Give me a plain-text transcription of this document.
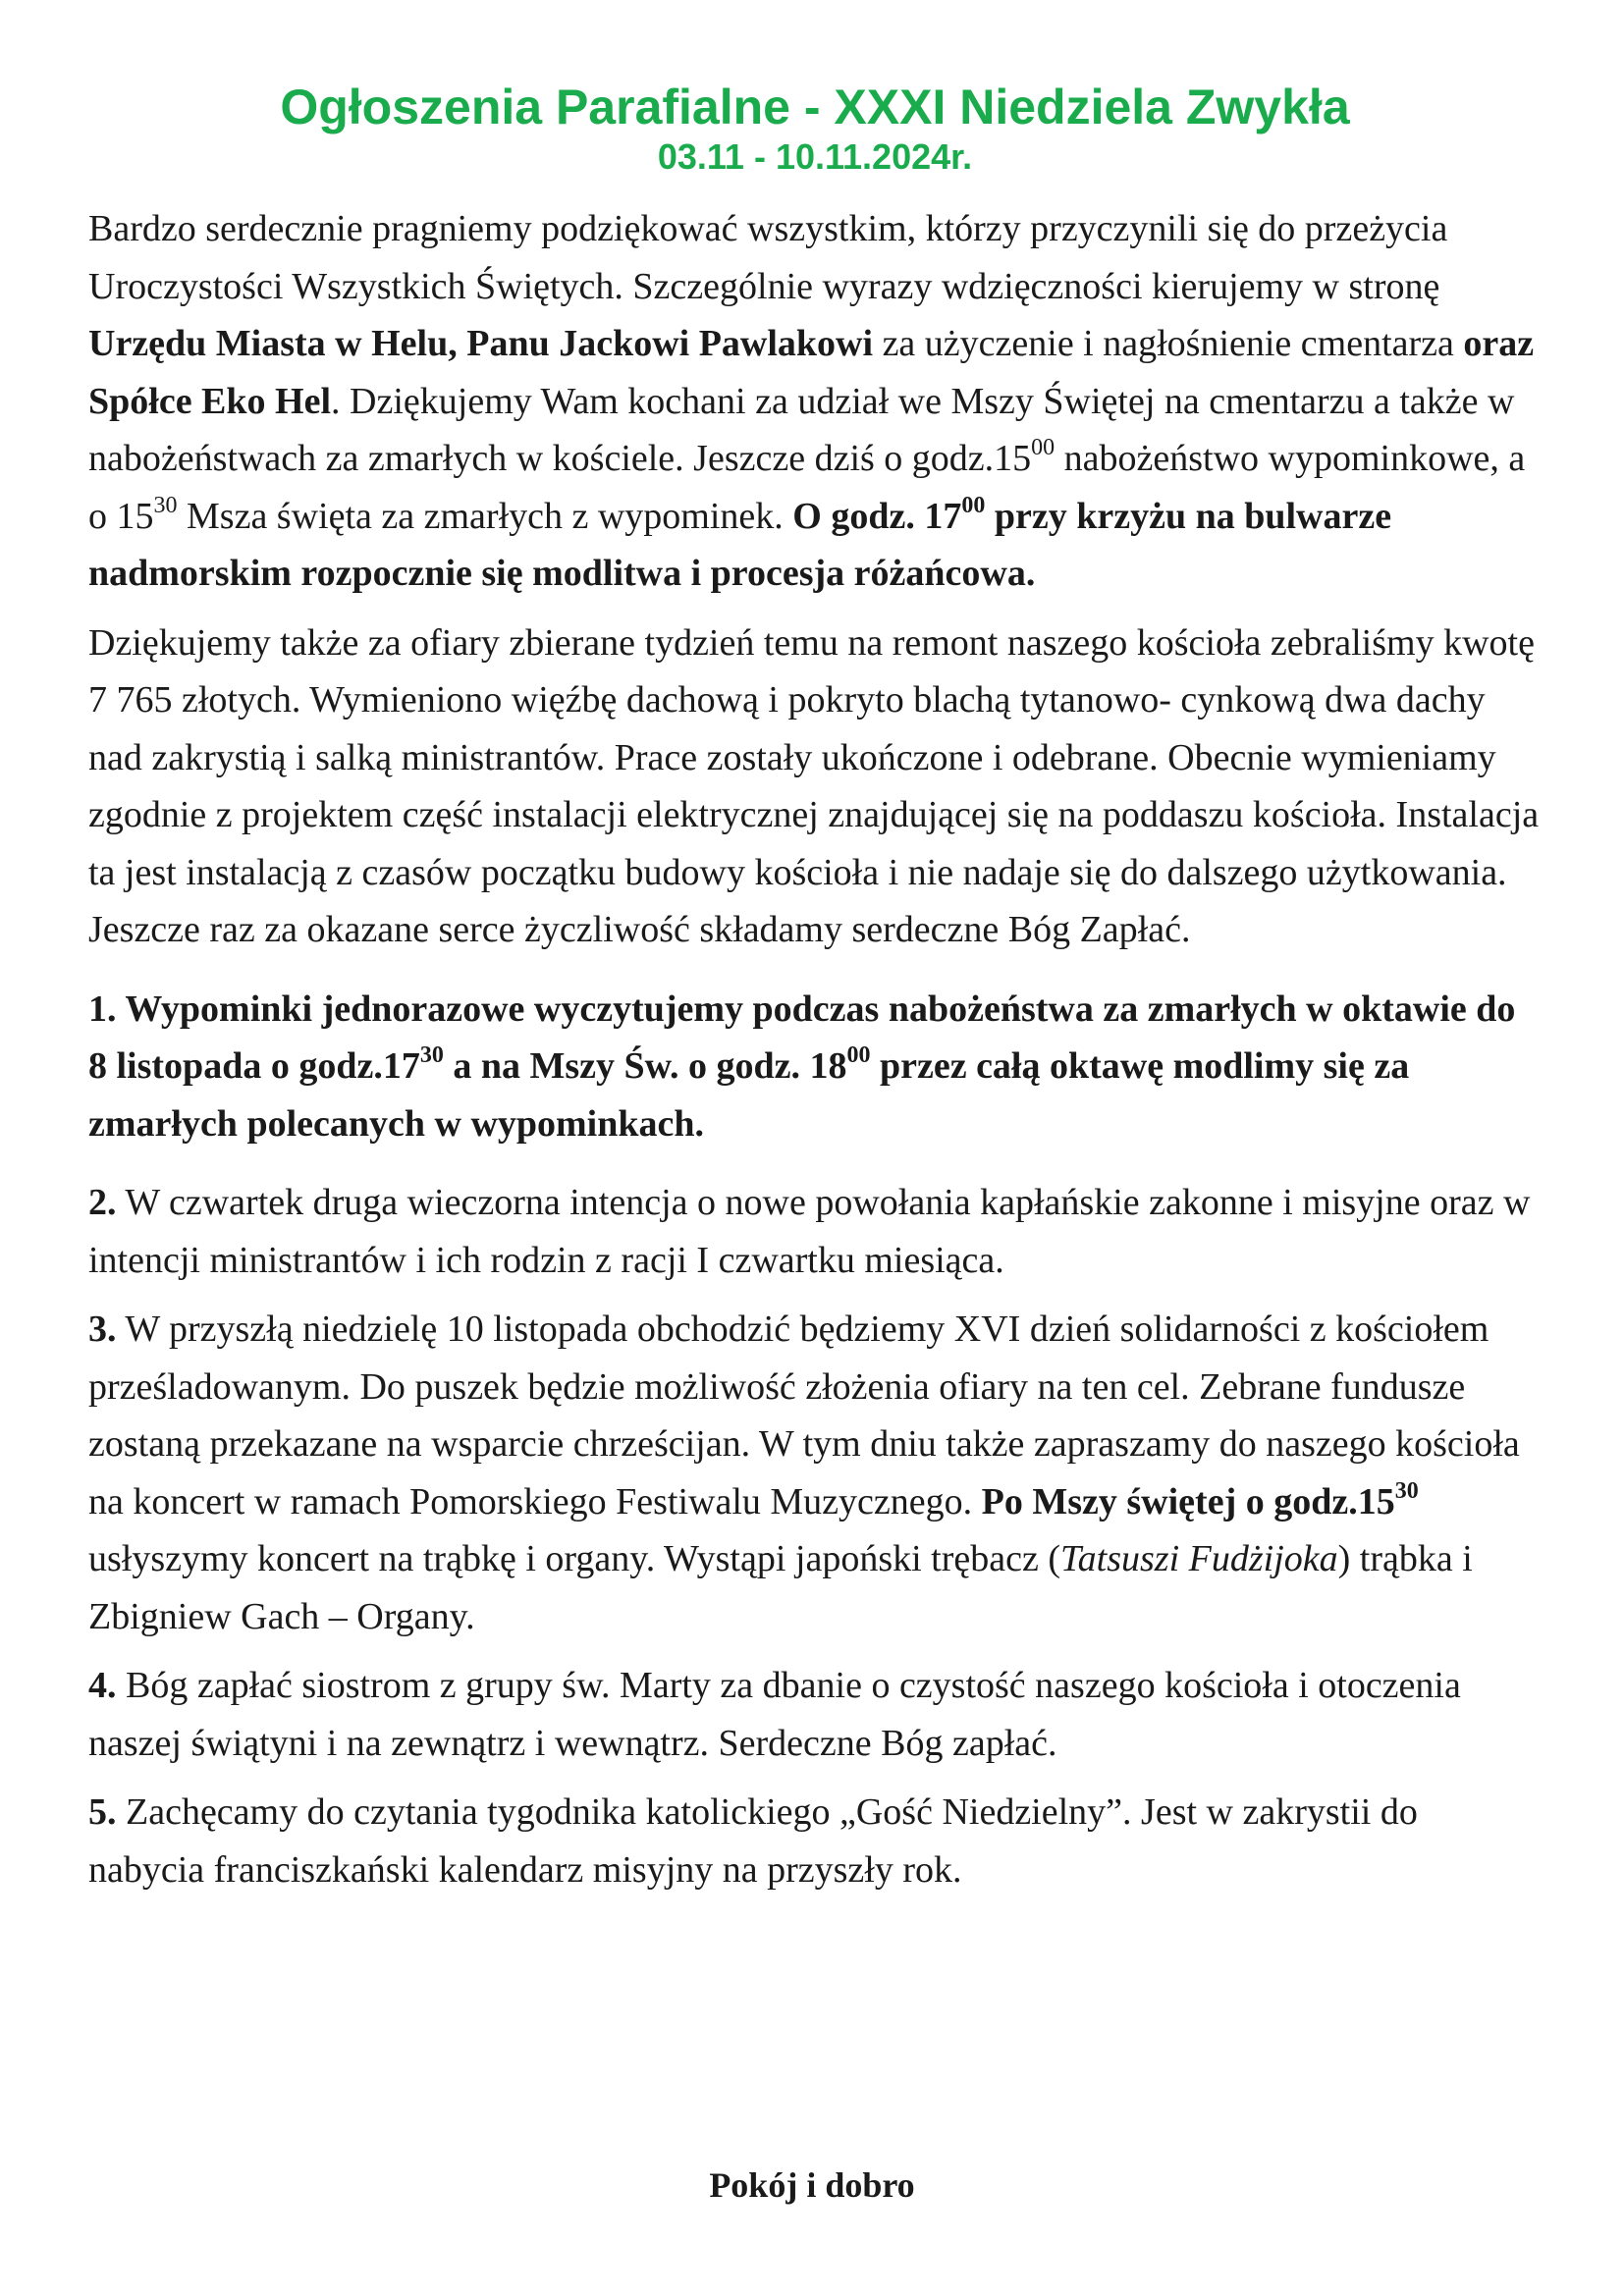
Ogłoszenia Parafialne - XXXI Niedziela Zwykła
03.11 - 10.11.2024r.

Bardzo serdecznie pragniemy podziękować wszystkim, którzy przyczynili się do przeżycia Uroczystości Wszystkich Świętych. Szczególnie wyrazy wdzięczności kierujemy w stronę Urzędu Miasta w Helu, Panu Jackowi Pawlakowi za użyczenie i nagłośnienie cmentarza oraz Spółce Eko Hel. Dziękujemy Wam kochani za udział we Mszy Świętej na cmentarzu a także w nabożeństwach za zmarłych w kościele. Jeszcze dziś o $godz.15^{00}$ nabożeństwo wypominkowe, a o $15^{30}$ Msza święta za zmarłych z wypominek. O godz. $17^{00}$ przy krzyżu na bulwarze nadmorskim rozpocznie się modlitwa i procesja różańcowa.

Dziękujemy także za ofiary zbierane tydzień temu na remont naszego kościoła zebraliśmy kwotę 7 765 złotych. Wymieniono więźbę dachową i pokryto blachą tytanowo- cynkową dwa dachy nad zakrystią i salką ministrantów. Prace zostały ukończone i odebrane. Obecnie wymieniamy zgodnie z projektem część instalacji elektrycznej znajdującej się na poddaszu kościoła. Instalacja ta jest instalacją z czasów początku budowy kościoła i nie nadaje się do dalszego użytkowania. Jeszcze raz za okazane serce życzliwość składamy serdeczne Bóg Zapłać.

1. Wypominki jednorazowe wyczytujemy podczas nabożeństwa za zmarłych w oktawie do 8 listopada o $godz.17^{30}$ a na Mszy Św. o godz. $18^{00}$ przez całą oktawę modlimy się za zmarłych polecanych w wypominkach.

2. W czwartek druga wieczorna intencja o nowe powołania kapłańskie zakonne i misyjne oraz w intencji ministrantów i ich rodzin z racji I czwartku miesiąca.

3. W przyszłą niedzielę 10 listopada obchodzić będziemy XVI dzień solidarności z kościołem prześladowanym. Do puszek będzie możliwość złożenia ofiary na ten cel. Zebrane fundusze zostaną przekazane na wsparcie chrześcijan. W tym dniu także zapraszamy do naszego kościoła na koncert w ramach Pomorskiego Festiwalu Muzycznego. Po Mszy świętej o $godz.15^{30}$ usłyszymy koncert na trąbkę i organy. Wystąpi japoński trębacz (Tatsuszi Fudżijoka) trąbka i Zbigniew Gach – Organy.

4. Bóg zapłać siostrom z grupy św. Marty za dbanie o czystość naszego kościoła i otoczenia naszej świątyni i na zewnątrz i wewnątrz. Serdeczne Bóg zapłać.

5. Zachęcamy do czytania tygodnika katolickiego „Gość Niedzielny”. Jest w zakrystii do nabycia franciszkański kalendarz misyjny na przyszły rok.

Pokój i dobro
